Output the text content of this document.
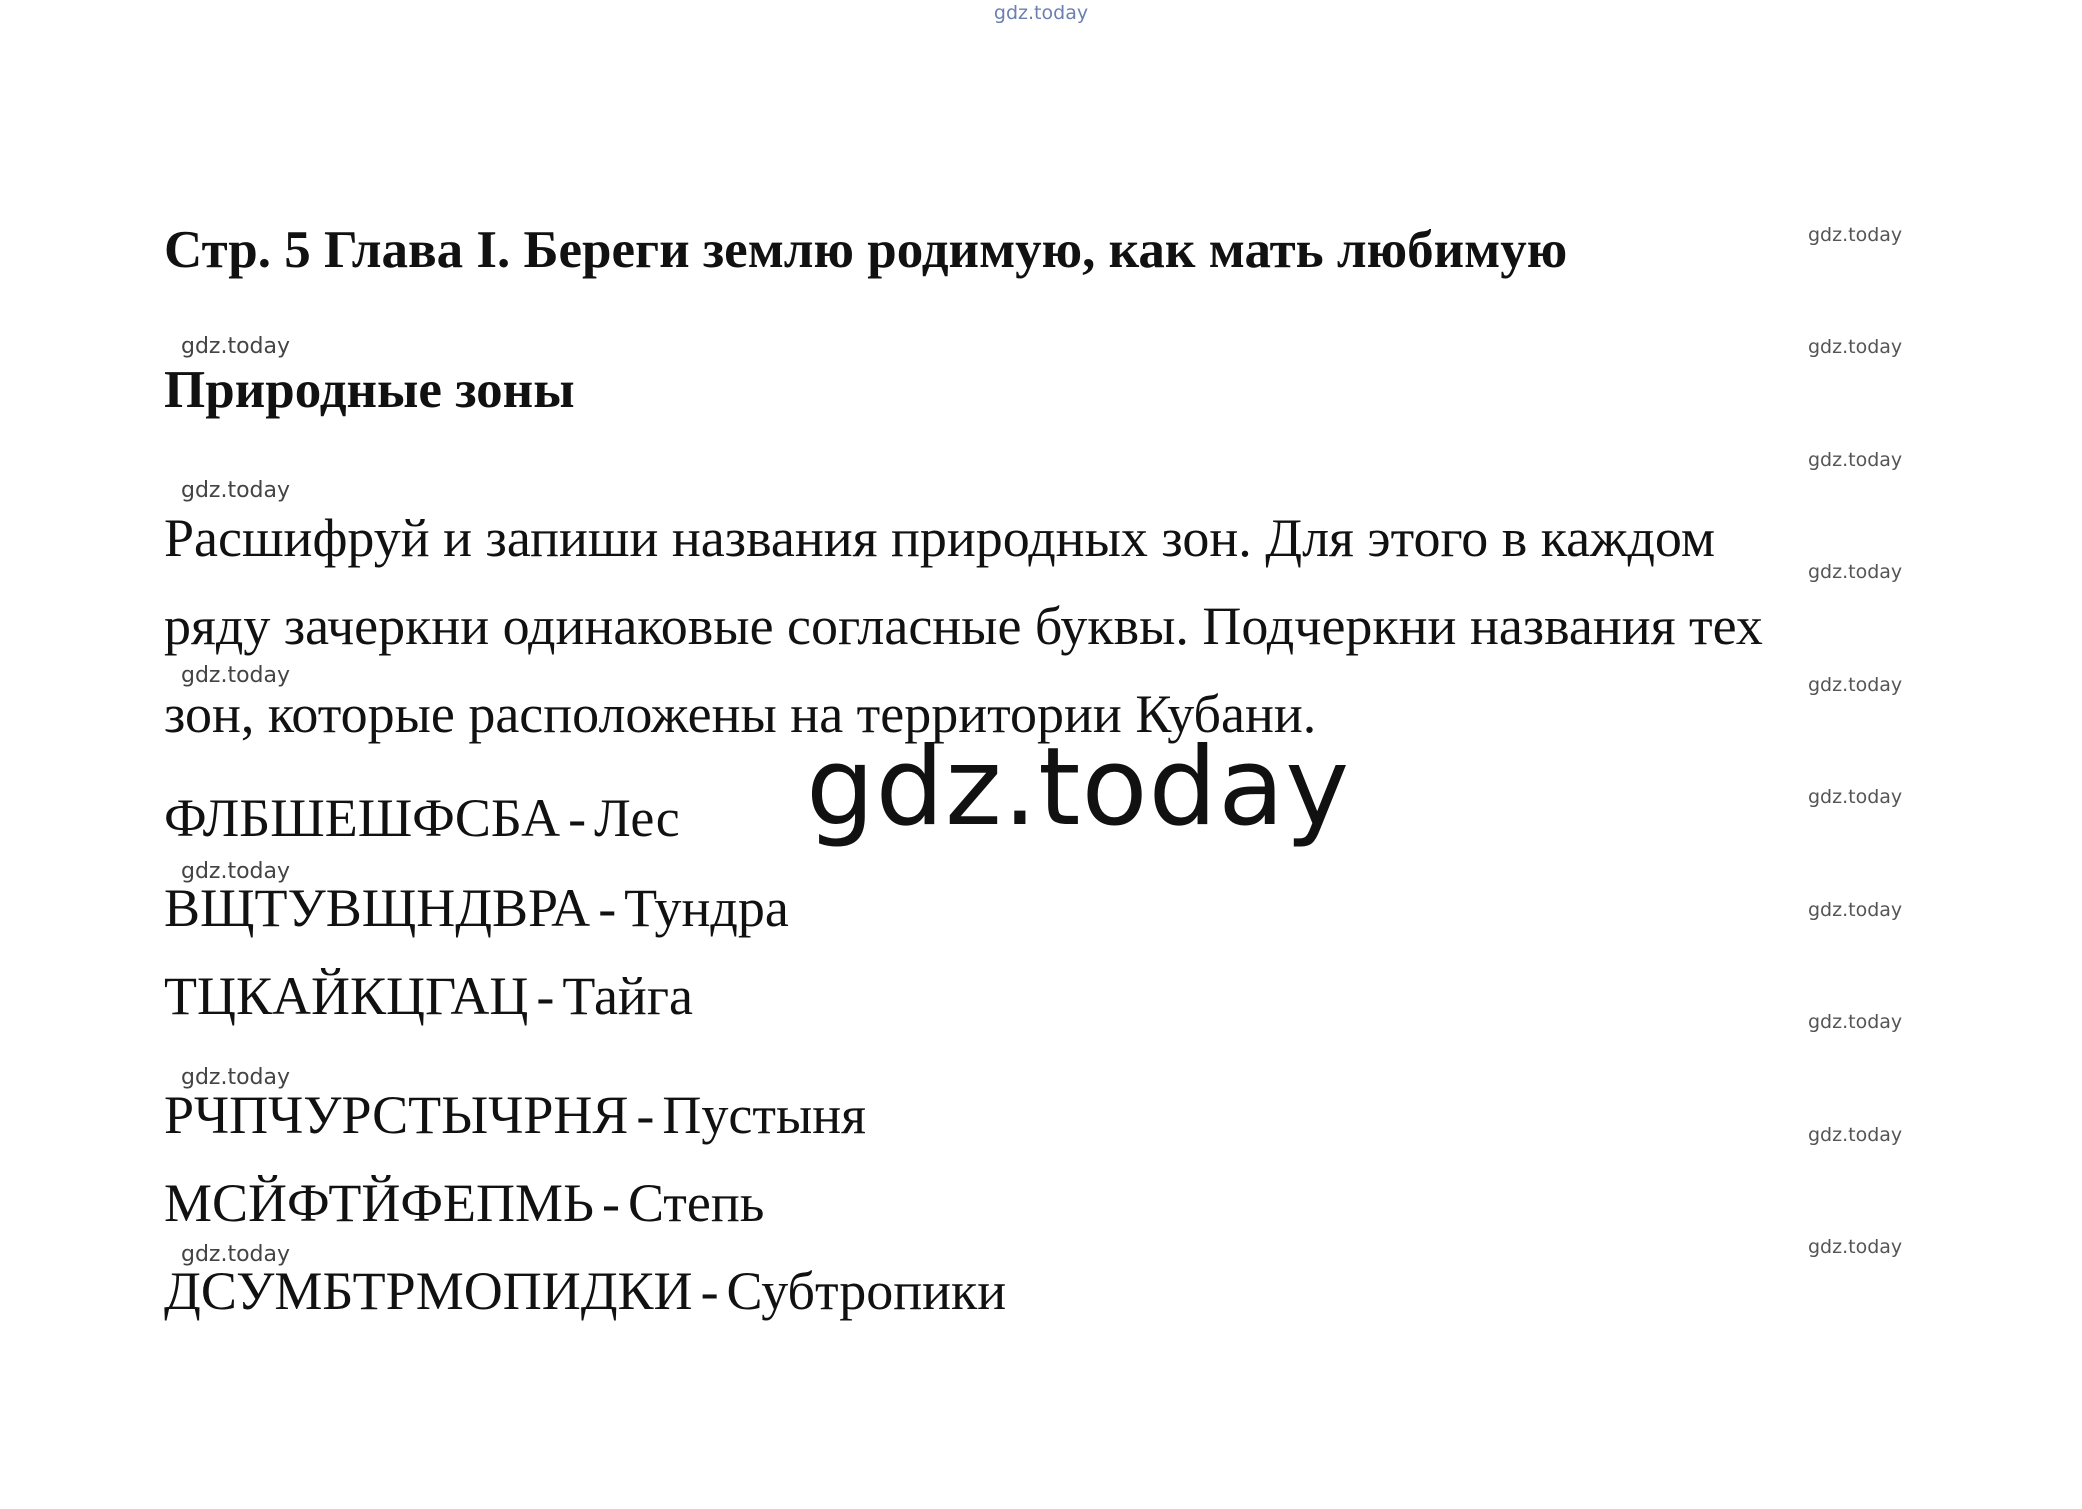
gdz.today
Стр. 5 Глава I. Береги землю родимую, как мать любимую
Природные зоны
Расшифруй и запиши названия природных зон. Для этого в каждом
ряду зачеркни одинаковые согласные буквы. Подчеркни названия тех
зон, которые расположены на территории Кубани.
ФЛБШЕШФСБА - Лес
ВЩТУВЩНДВРА - Тундра
ТЦКАЙКЦГАЦ - Тайга
РЧПЧУРСТЫЧРНЯ - Пустыня
МСЙФТЙФЕПМЬ - Степь
ДСУМБТРМОПИДКИ - Субтропики
gdz.today
gdz.today
gdz.today
gdz.today
gdz.today
gdz.today
gdz.today
gdz.today
gdz.today
gdz.today
gdz.today
gdz.today
gdz.today
gdz.today
gdz.today
gdz.today
gdz.today
